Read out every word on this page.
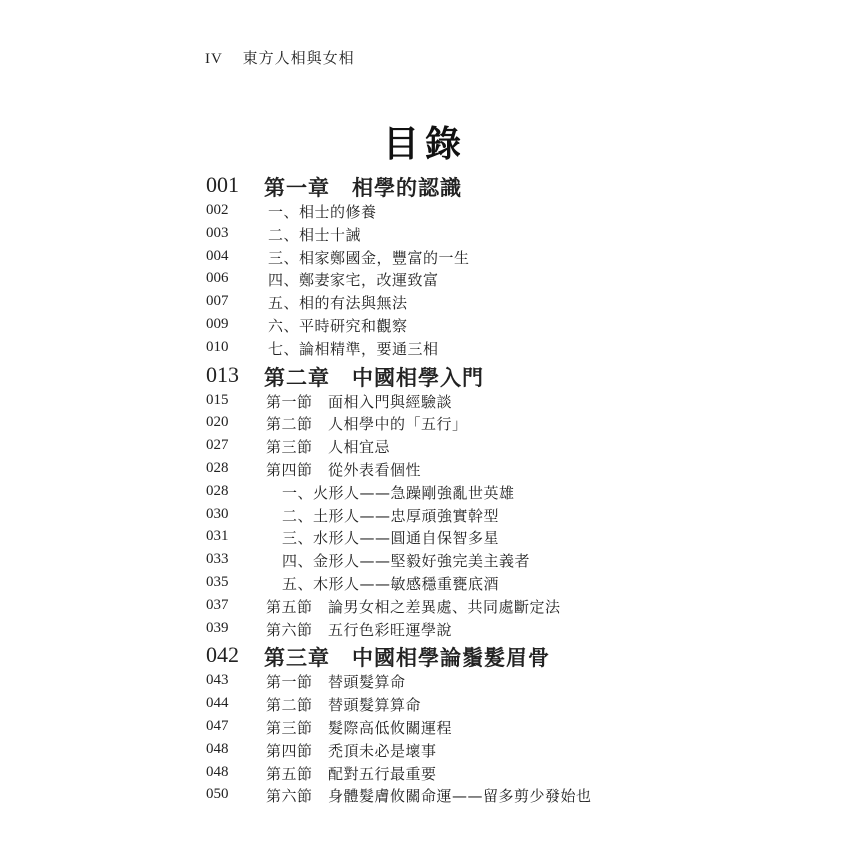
IV 東方人相與女相
目錄
001 第一章　相學的認識
002	一、相士的修養
003	二、相士十誡
004	三、相家鄭國金，豐富的一生
006	四、鄭妻家宅，改運致富
007	五、相的有法與無法
009	六、平時研究和觀察
010	七、論相精準，要通三相
013 第二章　中國相學入門
015	第一節　面相入門與經驗談
020	第二節　人相學中的「五行」
027	第三節　人相宜忌
028	第四節　從外表看個性
028	一、火形人——急躁剛強亂世英雄
030	二、土形人——忠厚頑強實幹型
031	三、水形人——圓通自保智多星
033	四、金形人——堅毅好強完美主義者
035	五、木形人——敏感穩重甕底酒
037	第五節　論男女相之差異處、共同處斷定法
039	第六節　五行色彩旺運學說
042 第三章　中國相學論鬚髮眉骨
043	第一節　替頭髮算命
044	第二節　替頭髮算算命
047	第三節　髮際高低攸關運程
048	第四節　禿頂未必是壞事
048	第五節　配對五行最重要
050	第六節　身體髮膚攸關命運——留多剪少發始也
